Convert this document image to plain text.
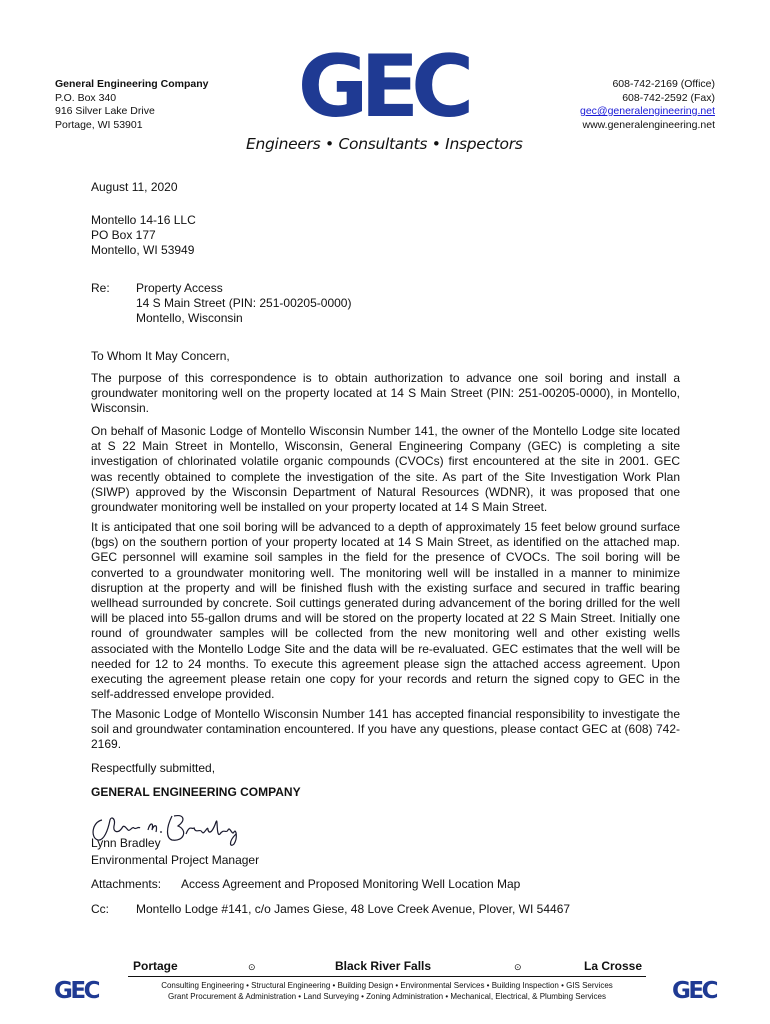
General Engineering Company
P.O. Box 340
916 Silver Lake Drive
Portage, WI 53901	GEC
Engineers • Consultants • Inspectors
608-742-2169 (Office)
608-742-2592 (Fax)
gec@generalengineering.net
www.generalengineering.net
August 11, 2020
Montello 14-16 LLC
PO Box 177
Montello, WI 53949
Re:	Property Access
14 S Main Street (PIN: 251-00205-0000)
Montello, Wisconsin
To Whom It May Concern,
The purpose of this correspondence is to obtain authorization to advance one soil boring and install a groundwater monitoring well on the property located at 14 S Main Street (PIN: 251-00205-0000), in Montello, Wisconsin.
On behalf of Masonic Lodge of Montello Wisconsin Number 141, the owner of the Montello Lodge site located at S 22 Main Street in Montello, Wisconsin, General Engineering Company (GEC) is completing a site investigation of chlorinated volatile organic compounds (CVOCs) first encountered at the site in 2001. GEC was recently obtained to complete the investigation of the site. As part of the Site Investigation Work Plan (SIWP) approved by the Wisconsin Department of Natural Resources (WDNR), it was proposed that one groundwater monitoring well be installed on your property located at 14 S Main Street.
It is anticipated that one soil boring will be advanced to a depth of approximately 15 feet below ground surface (bgs) on the southern portion of your property located at 14 S Main Street, as identified on the attached map. GEC personnel will examine soil samples in the field for the presence of CVOCs. The soil boring will be converted to a groundwater monitoring well. The monitoring well will be installed in a manner to minimize disruption at the property and will be finished flush with the existing surface and secured in traffic bearing wellhead surrounded by concrete. Soil cuttings generated during advancement of the boring drilled for the well will be placed into 55-gallon drums and will be stored on the property located at 22 S Main Street. Initially one round of groundwater samples will be collected from the new monitoring well and other existing wells associated with the Montello Lodge Site and the data will be re-evaluated. GEC estimates that the well will be needed for 12 to 24 months. To execute this agreement please sign the attached access agreement. Upon executing the agreement please retain one copy for your records and return the signed copy to GEC in the self-addressed envelope provided.
The Masonic Lodge of Montello Wisconsin Number 141 has accepted financial responsibility to investigate the soil and groundwater contamination encountered. If you have any questions, please contact GEC at (608) 742-2169.
Respectfully submitted,
GENERAL ENGINEERING COMPANY
Lynn Bradley
Environmental Project Manager
Attachments:	Access Agreement and Proposed Monitoring Well Location Map
Cc:	Montello Lodge #141, c/o James Giese, 48 Love Creek Avenue, Plover, WI 54467
Portage	⊙	Black River Falls	⊙	La Crosse
Consulting Engineering • Structural Engineering • Building Design • Environmental Services • Building Inspection • GIS Services
Grant Procurement & Administration • Land Surveying • Zoning Administration • Mechanical, Electrical, & Plumbing Services
GEC	GEC
